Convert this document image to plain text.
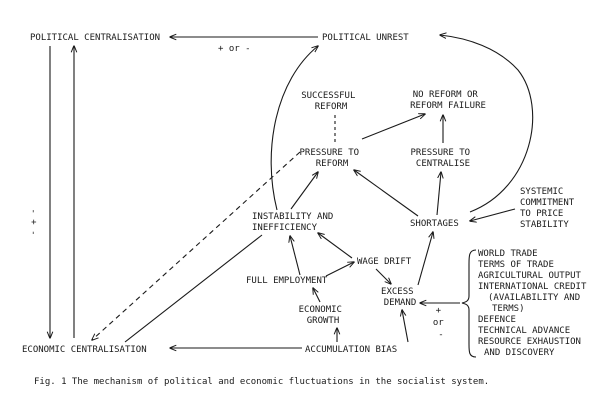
POLITICAL CENTRALISATION	POLITICAL UNREST
SUCCESSFUL REFORM
NO REFORM OR REFORM FAILURE
PRESSURE TO REFORM
PRESSURE TO CENTRALISE
SYSTEMIC COMMITMENT TO PRICE STABILITY
INSTABILITY AND INEFFICIENCY	SHORTAGES
WAGE DRIFT
FULL EMPLOYMENT
EXCESS DEMAND
ECONOMIC GROWTH
ECONOMIC CENTRALISATION	ACCUMULATION BIAS
WORLD TRADE TERMS OF TRADE AGRICULTURAL OUTPUT INTERNATIONAL CREDIT (AVAILABILITY AND TERMS) DEFENCE TECHNICAL ADVANCE RESOURCE EXHAUSTION AND DISCOVERY
+ or -
- + -
+ or -
Fig. 1 The mechanism of political and economic fluctuations in the socialist system.
